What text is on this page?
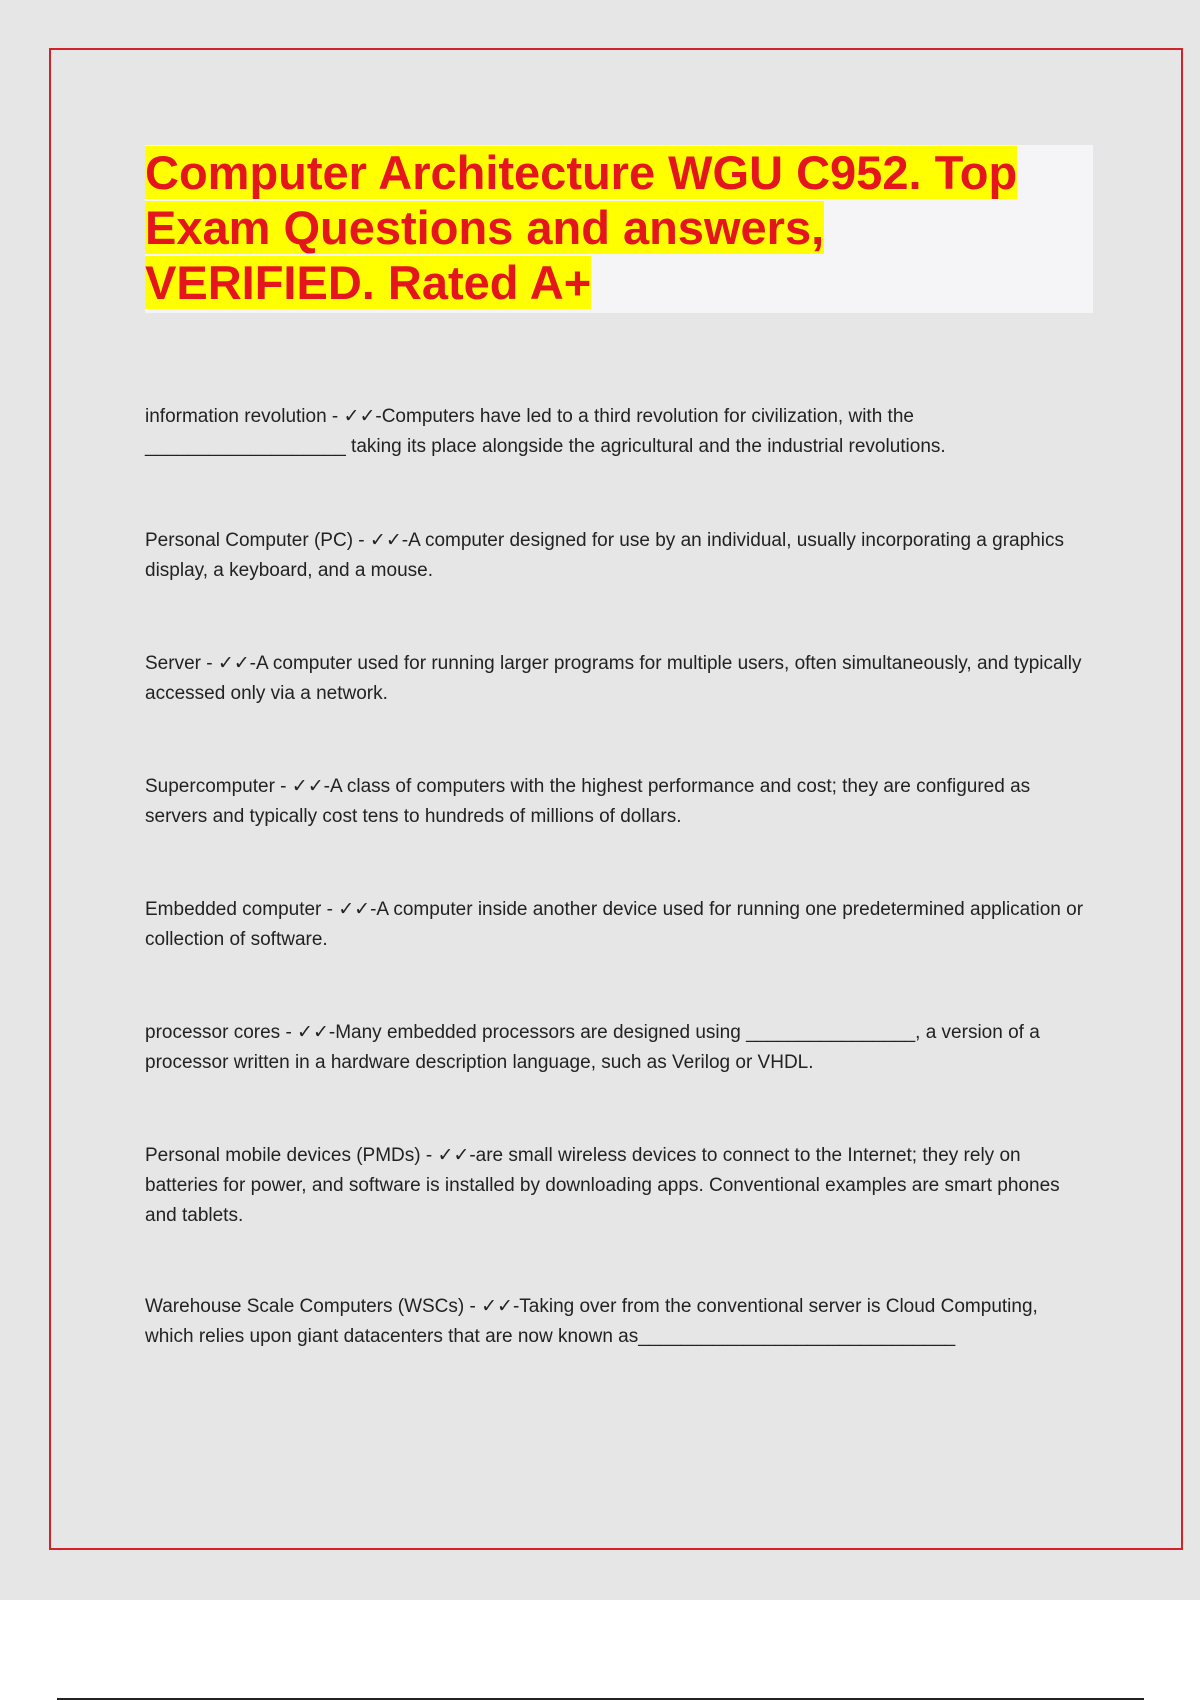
Computer Architecture WGU C952. Top
Exam Questions and answers,
VERIFIED. Rated A+

information revolution - ✓✓-Computers have led to a third revolution for civilization, with the ___________________ taking its place alongside the agricultural and the industrial revolutions.

Personal Computer (PC) - ✓✓-A computer designed for use by an individual, usually incorporating a graphics display, a keyboard, and a mouse.

Server - ✓✓-A computer used for running larger programs for multiple users, often simultaneously, and typically accessed only via a network.

Supercomputer - ✓✓-A class of computers with the highest performance and cost; they are configured as servers and typically cost tens to hundreds of millions of dollars.

Embedded computer - ✓✓-A computer inside another device used for running one predetermined application or collection of software.

processor cores - ✓✓-Many embedded processors are designed using ________________, a version of a processor written in a hardware description language, such as Verilog or VHDL.

Personal mobile devices (PMDs) - ✓✓-are small wireless devices to connect to the Internet; they rely on batteries for power, and software is installed by downloading apps. Conventional examples are smart phones and tablets.

Warehouse Scale Computers (WSCs) - ✓✓-Taking over from the conventional server is Cloud Computing, which relies upon giant datacenters that are now known as______________________________
